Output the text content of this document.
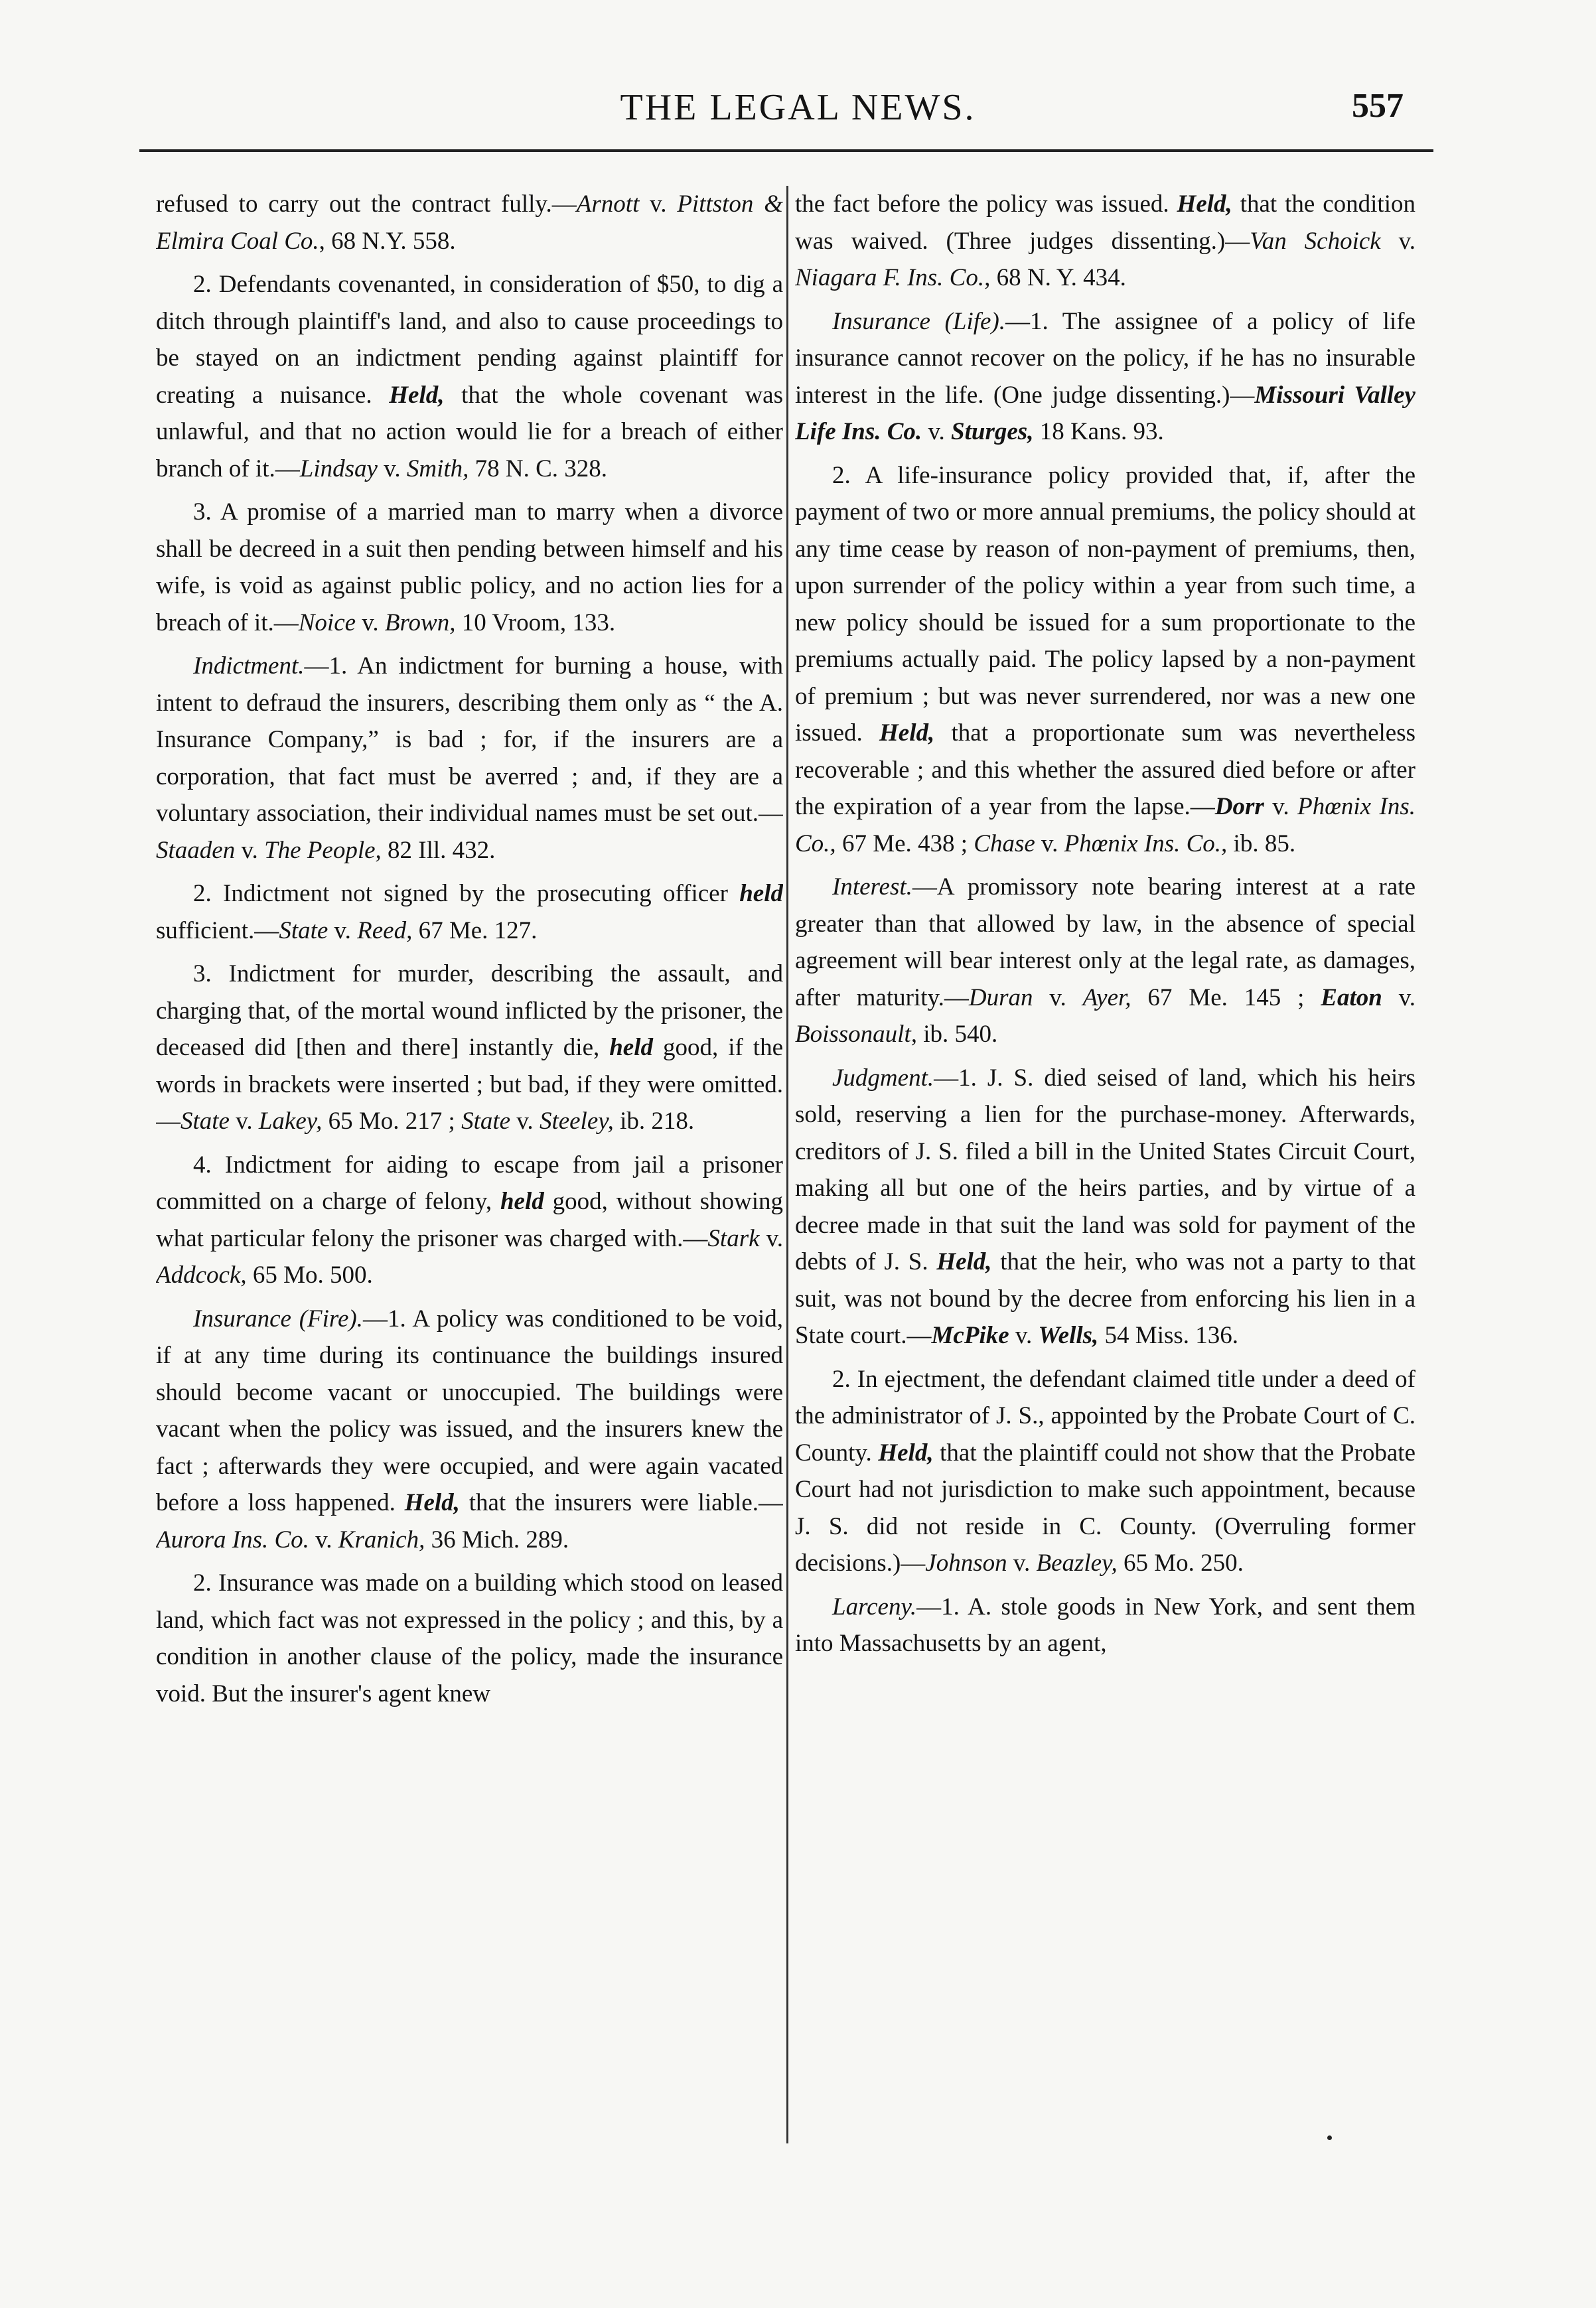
THE LEGAL NEWS.	557

refused to carry out the contract fully.—Arnott v. Pittston & Elmira Coal Co., 68 N.Y. 558.

2. Defendants covenanted, in consideration of $50, to dig a ditch through plaintiff's land, and also to cause proceedings to be stayed on an indictment pending against plaintiff for creating a nuisance. Held, that the whole covenant was unlawful, and that no action would lie for a breach of either branch of it.—Lindsay v. Smith, 78 N. C. 328.

3. A promise of a married man to marry when a divorce shall be decreed in a suit then pending between himself and his wife, is void as against public policy, and no action lies for a breach of it.—Noice v. Brown, 10 Vroom, 133.

Indictment.—1. An indictment for burning a house, with intent to defraud the insurers, describing them only as “ the A. Insurance Company,” is bad ; for, if the insurers are a corporation, that fact must be averred ; and, if they are a voluntary association, their individual names must be set out.—Staaden v. The People, 82 Ill. 432.

2. Indictment not signed by the prosecuting officer held sufficient.—State v. Reed, 67 Me. 127.

3. Indictment for murder, describing the assault, and charging that, of the mortal wound inflicted by the prisoner, the deceased did [then and there] instantly die, held good, if the words in brackets were inserted ; but bad, if they were omitted.—State v. Lakey, 65 Mo. 217 ; State v. Steeley, ib. 218.

4. Indictment for aiding to escape from jail a prisoner committed on a charge of felony, held good, without showing what particular felony the prisoner was charged with.—Stark v. Addcock, 65 Mo. 500.

Insurance (Fire).—1. A policy was conditioned to be void, if at any time during its continuance the buildings insured should become vacant or unoccupied. The buildings were vacant when the policy was issued, and the insurers knew the fact ; afterwards they were occupied, and were again vacated before a loss happened. Held, that the insurers were liable.—Aurora Ins. Co. v. Kranich, 36 Mich. 289.

2. Insurance was made on a building which stood on leased land, which fact was not expressed in the policy ; and this, by a condition in another clause of the policy, made the insurance void. But the insurer's agent knew

the fact before the policy was issued. Held, that the condition was waived. (Three judges dissenting.)—Van Schoick v. Niagara F. Ins. Co., 68 N. Y. 434.

Insurance (Life).—1. The assignee of a policy of life insurance cannot recover on the policy, if he has no insurable interest in the life. (One judge dissenting.)—Missouri Valley Life Ins. Co. v. Sturges, 18 Kans. 93.

2. A life-insurance policy provided that, if, after the payment of two or more annual premiums, the policy should at any time cease by reason of non-payment of premiums, then, upon surrender of the policy within a year from such time, a new policy should be issued for a sum proportionate to the premiums actually paid. The policy lapsed by a non-payment of premium ; but was never surrendered, nor was a new one issued. Held, that a proportionate sum was nevertheless recoverable ; and this whether the assured died before or after the expiration of a year from the lapse.—Dorr v. Phœnix Ins. Co., 67 Me. 438 ; Chase v. Phœnix Ins. Co., ib. 85.

Interest.—A promissory note bearing interest at a rate greater than that allowed by law, in the absence of special agreement will bear interest only at the legal rate, as damages, after maturity.—Duran v. Ayer, 67 Me. 145 ; Eaton v. Boissonault, ib. 540.

Judgment.—1. J. S. died seised of land, which his heirs sold, reserving a lien for the purchase-money. Afterwards, creditors of J. S. filed a bill in the United States Circuit Court, making all but one of the heirs parties, and by virtue of a decree made in that suit the land was sold for payment of the debts of J. S. Held, that the heir, who was not a party to that suit, was not bound by the decree from enforcing his lien in a State court.—McPike v. Wells, 54 Miss. 136.

2. In ejectment, the defendant claimed title under a deed of the administrator of J. S., appointed by the Probate Court of C. County. Held, that the plaintiff could not show that the Probate Court had not jurisdiction to make such appointment, because J. S. did not reside in C. County. (Overruling former decisions.)—Johnson v. Beazley, 65 Mo. 250.

Larceny.—1. A. stole goods in New York, and sent them into Massachusetts by an agent,
